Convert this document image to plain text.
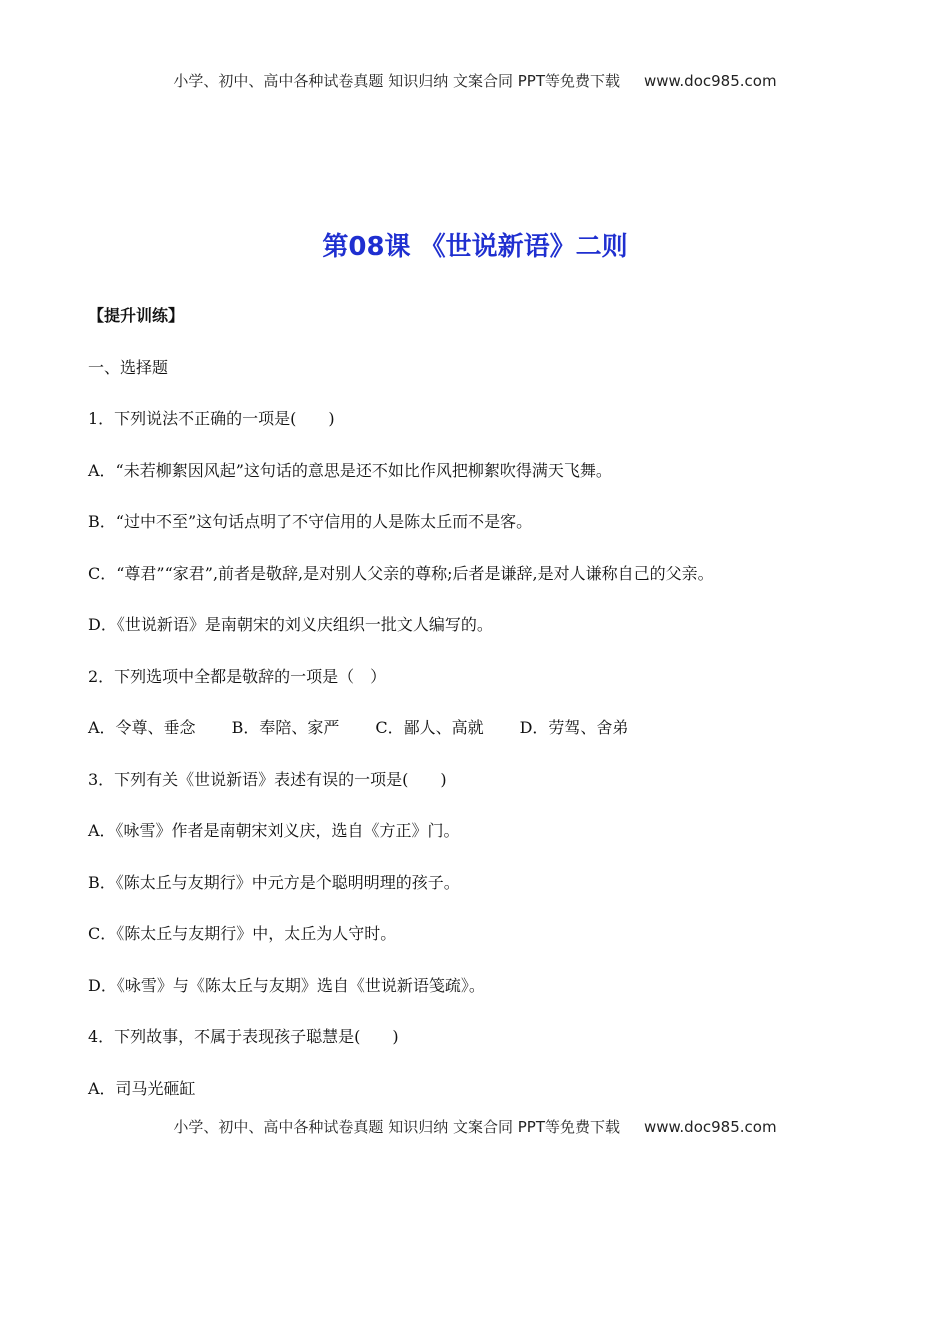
小学、初中、高中各种试卷真题 知识归纳 文案合同 PPT等免费下载 www.doc985.com
第08课 《世说新语》二则
【提升训练】
一、选择题
1．下列说法不正确的一项是(　　)
A．“未若柳絮因风起”这句话的意思是还不如比作风把柳絮吹得满天飞舞。
B．“过中不至”这句话点明了不守信用的人是陈太丘而不是客。
C．“尊君”“家君”,前者是敬辞,是对别人父亲的尊称;后者是谦辞,是对人谦称自己的父亲。
D．《世说新语》是南朝宋的刘义庆组织一批文人编写的。
2．下列选项中全都是敬辞的一项是（　）
A．令尊、垂念 B．奉陪、家严 C．鄙人、高就 D．劳驾、舍弟
3．下列有关《世说新语》表述有误的一项是(　　)
A．《咏雪》作者是南朝宋刘义庆，选自《方正》门。
B．《陈太丘与友期行》中元方是个聪明明理的孩子。
C．《陈太丘与友期行》中，太丘为人守时。
D．《咏雪》与《陈太丘与友期》选自《世说新语笺疏》。
4．下列故事，不属于表现孩子聪慧是(　　)
A．司马光砸缸
小学、初中、高中各种试卷真题 知识归纳 文案合同 PPT等免费下载 www.doc985.com
